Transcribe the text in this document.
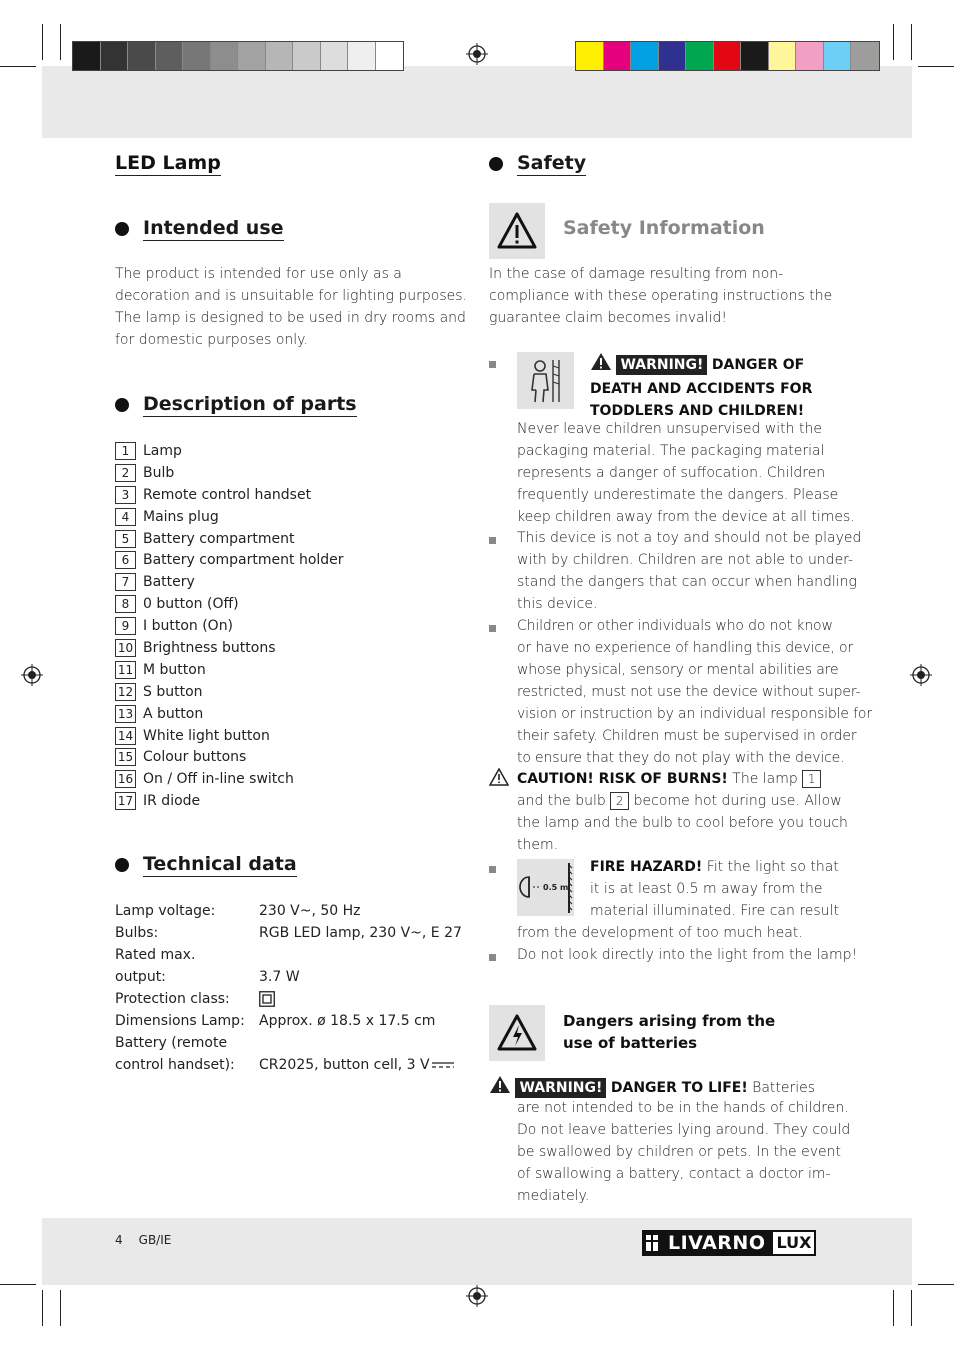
LED Lamp
Intended use

The product is intended for use only as a decoration and is unsuitable for lighting purposes. The lamp is designed to be used in dry rooms and for domestic purposes only.

Description of parts
1 Lamp
2 Bulb
3 Remote control handset
4 Mains plug
5 Battery compartment
6 Battery compartment holder
7 Battery
8 0 button (Off)
9 I button (On)
10 Brightness buttons
11 M button
12 S button
13 A button
14 White light button
15 Colour buttons
16 On / Off in-line switch
17 IR diode
Technical data
Lamp voltage:	230 V~, 50 Hz
Bulbs:	RGB LED lamp, 230 V~, E 27
Rated max.
output:	3.7 W
Protection class:
Dimensions Lamp:	Approx. ø 18.5 x 17.5 cm
Battery (remote
control handset):	CR2025, button cell, 3 V
Safety
Safety Information

In the case of damage resulting from non-compliance with these operating instructions the guarantee claim becomes invalid!

WARNING! DANGER OF
DEATH AND ACCIDENTS FOR
TODDLERS AND CHILDREN!
Never leave children unsupervised with the
packaging material. The packaging material
represents a danger of suffocation. Children
frequently underestimate the dangers. Please
keep children away from the device at all times.
This device is not a toy and should not be played
with by children. Children are not able to under-
stand the dangers that can occur when handling
this device.
Children or other individuals who do not know
or have no experience of handling this device, or
whose physical, sensory or mental abilities are
restricted, must not use the device without super-
vision or instruction by an individual responsible for
their safety. Children must be supervised in order
to ensure that they do not play with the device.
CAUTION! RISK OF BURNS! The lamp 1
and the bulb 2 become hot during use. Allow
the lamp and the bulb to cool before you touch
them.
0.5 m
FIRE HAZARD! Fit the light so that
it is at least 0.5 m away from the
material illuminated. Fire can result
from the development of too much heat.
Do not look directly into the light from the lamp!
Dangers arising from the
use of batteries
WARNING! DANGER TO LIFE! Batteries
are not intended to be in the hands of children.
Do not leave batteries lying around. They could
be swallowed by children or pets. In the event
of swallowing a battery, contact a doctor im-
mediately.
4 GB/IE	LIVARNO LUX
